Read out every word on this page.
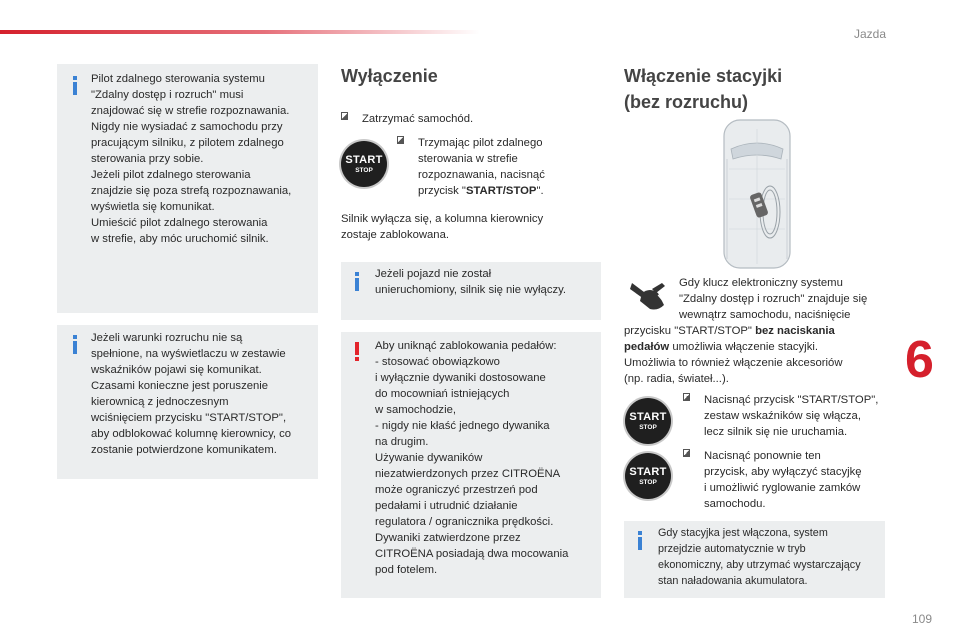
Jazda
Pilot zdalnego sterowania systemu
"Zdalny dostęp i rozruch" musi
znajdować się w strefie rozpoznawania.
Nigdy nie wysiadać z samochodu przy
pracującym silniku, z pilotem zdalnego
sterowania przy sobie.
Jeżeli pilot zdalnego sterowania
znajdzie się poza strefą rozpoznawania,
wyświetla się komunikat.
Umieścić pilot zdalnego sterowania
w strefie, aby móc uruchomić silnik.
Jeżeli warunki rozruchu nie są
spełnione, na wyświetlaczu w zestawie
wskaźników pojawi się komunikat.
Czasami konieczne jest poruszenie
kierownicą z jednoczesnym
wciśnięciem przycisku "START/STOP",
aby odblokować kolumnę kierownicy, co
zostanie potwierdzone komunikatem.
Wyłączenie
Zatrzymać samochód.
START
STOP
Trzymając pilot zdalnego
sterowania w strefie
rozpoznawania, nacisnąć
przycisk "START/STOP".
Silnik wyłącza się, a kolumna kierownicy
zostaje zablokowana.
Jeżeli pojazd nie został
unieruchomiony, silnik się nie wyłączy.
Aby uniknąć zablokowania pedałów:
- stosować obowiązkowo
i wyłącznie dywaniki dostosowane
do mocowniań istniejących
w samochodzie,
- nigdy nie kłaść jednego dywanika
na drugim.
Używanie dywaników
niezatwierdzonych przez CITROËNA
może ograniczyć przestrzeń pod
pedałami i utrudnić działanie
regulatora / ogranicznika prędkości.
Dywaniki zatwierdzone przez
CITROËNA posiadają dwa mocowania
pod fotelem.
Włączenie stacyjki
(bez rozruchu)
Gdy klucz elektroniczny systemu
"Zdalny dostęp i rozruch" znajduje się
wewnątrz samochodu, naciśnięcie
przycisku "START/STOP" bez naciskania
pedałów umożliwia włączenie stacyjki.
Umożliwia to również włączenie akcesoriów
(np. radia, świateł...).
START
STOP
Nacisnąć przycisk "START/STOP",
zestaw wskaźników się włącza,
lecz silnik się nie uruchamia.
START
STOP
Nacisnąć ponownie ten
przycisk, aby wyłączyć stacyjkę
i umożliwić ryglowanie zamków
samochodu.
Gdy stacyjka jest włączona, system
przejdzie automatycznie w tryb
ekonomiczny, aby utrzymać wystarczający
stan naładowania akumulatora.
6
109
